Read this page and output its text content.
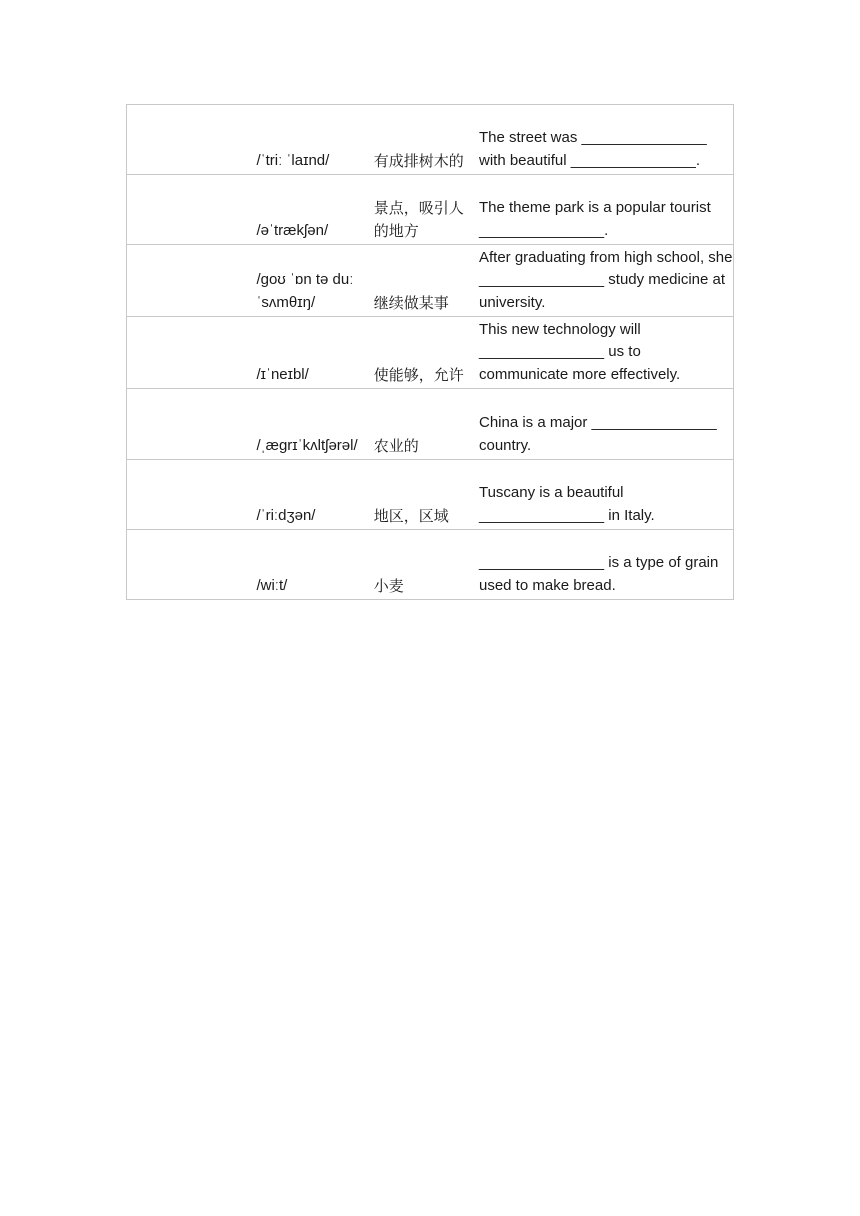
	/ˈtriː ˈlaɪnd/	有成排树木的	The street was _______________ with beautiful _______________.
	/əˈtrækʃən/	景点，吸引人的地方	The theme park is a popular tourist _______________.
	/goʊ ˈɒn tə duː ˈsʌmθɪŋ/	继续做某事	After graduating from high school, she _______________ study medicine at university.
	/ɪˈneɪbl/	使能够，允许	This new technology will _______________ us to communicate more effectively.
	/ˌægrɪˈkʌltʃərəl/	农业的	China is a major _______________ country.
	/ˈriːdʒən/	地区，区域	Tuscany is a beautiful _______________ in Italy.
	/wiːt/	小麦	_______________ is a type of grain used to make bread.
